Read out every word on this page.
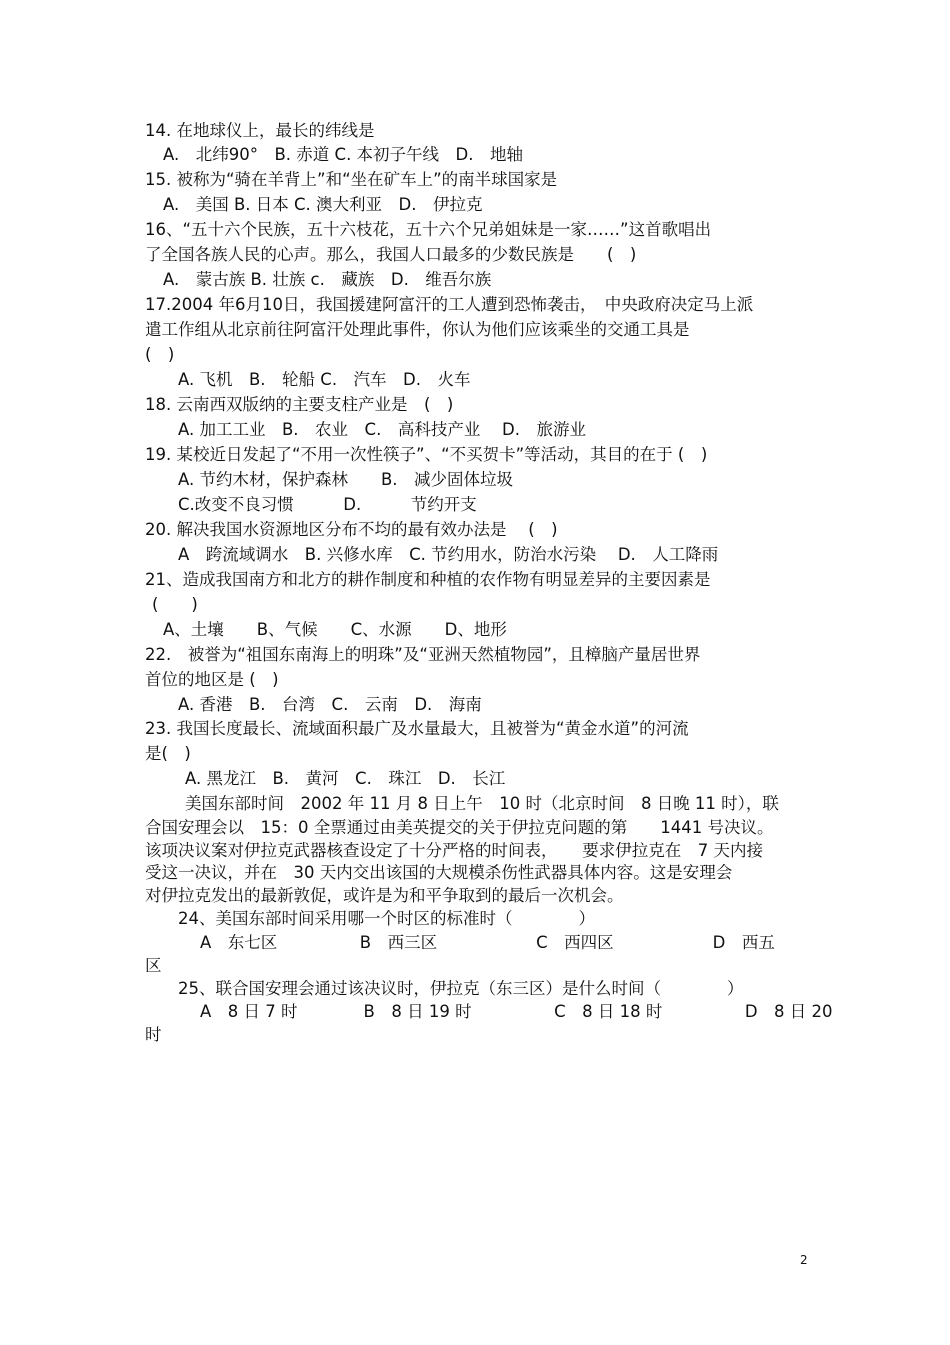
14. 在地球仪上，最长的纬线是
A.　北纬90°　B. 赤道 C. 本初子午线　D.　地轴
15. 被称为“骑在羊背上”和“坐在矿车上”的南半球国家是
A.　美国 B. 日本 C. 澳大利亚　D.　伊拉克
16、“五十六个民族，五十六枝花，五十六个兄弟姐妹是一家……”这首歌唱出
了全国各族人民的心声。那么，我国人口最多的少数民族是　　(　)
A.　蒙古族 B. 壮族 c.　藏族　D.　维吾尔族
17.2004 年6月10日，我国援建阿富汗的工人遭到恐怖袭击，　中央政府决定马上派
遣工作组从北京前往阿富汗处理此事件，你认为他们应该乘坐的交通工具是
(　)
A. 飞机　B.　轮船 C.　汽车　D.　火车
18. 云南西双版纳的主要支柱产业是　(　)
A. 加工工业　B.　农业　C.　高科技产业　 D.　旅游业
19. 某校近日发起了“不用一次性筷子”、“不买贺卡”等活动，其目的在于 (　)
A. 节约木材，保护森林　　B.　减少固体垃圾
C.改变不良习惯　　　D.　　　节约开支
20. 解决我国水资源地区分布不均的最有效办法是　 (　)
A　跨流域调水　B. 兴修水库　C. 节约用水，防治水污染　 D.　人工降雨
21、造成我国南方和北方的耕作制度和种植的农作物有明显差异的主要因素是
(　　)
A、土壤　　B、气候　　C、水源　　D、地形
22.　被誉为“祖国东南海上的明珠”及“亚洲天然植物园”，且樟脑产量居世界
首位的地区是 (　)
A. 香港　B.　台湾　C.　云南　D.　海南
23. 我国长度最长、流域面积最广及水量最大，且被誉为“黄金水道”的河流
是(　)
A. 黑龙江　B.　黄河　C.　珠江　D.　长江
美国东部时间　2002 年 11 月 8 日上午　10 时（北京时间　8 日晚 11 时），联
合国安理会以　15：0 全票通过由美英提交的关于伊拉克问题的第　　1441 号决议。
该项决议案对伊拉克武器核查设定了十分严格的时间表，　　要求伊拉克在　7 天内接
受这一决议，并在　30 天内交出该国的大规模杀伤性武器具体内容。这是安理会
对伊拉克发出的最新敦促，或许是为和平争取到的最后一次机会。
24、美国东部时间采用哪一个时区的标准时（　　　　）
A　东七区　　　　　B　西三区　　　　　　C　西四区　　　　　　D　西五
区
25、联合国安理会通过该决议时，伊拉克（东三区）是什么时间（　　　　）
A　8 日 7 时　　　　B　8 日 19 时　　　　　C　8 日 18 时　　　　　D　8 日 20
时
2
